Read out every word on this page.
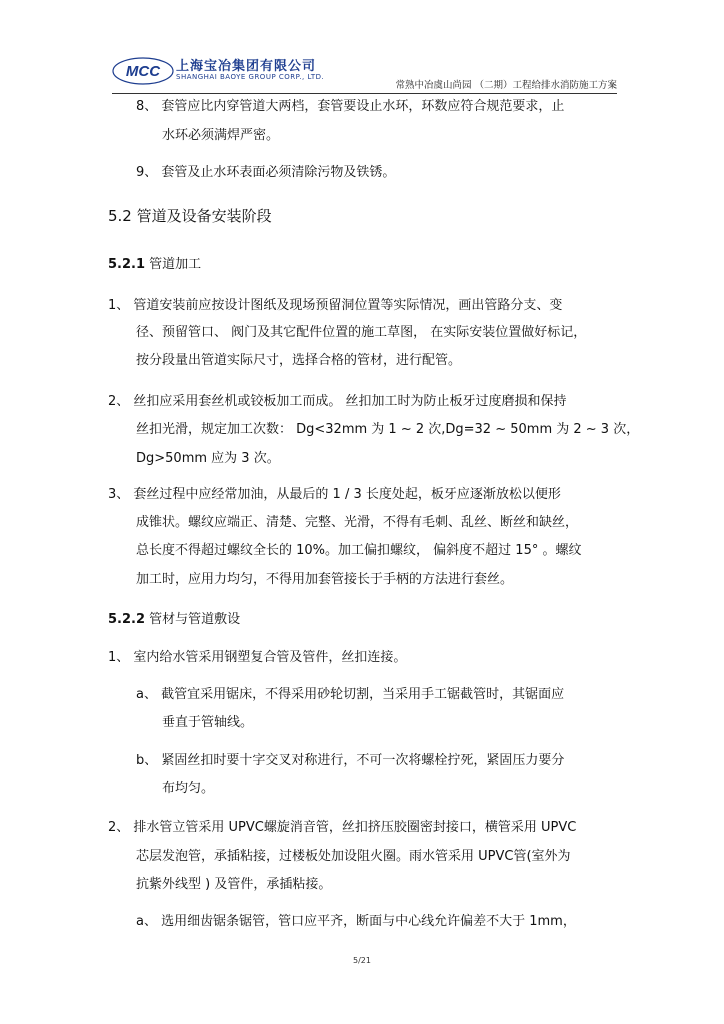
MCC 上海宝冶集团有限公司
SHANGHAI BAOYE GROUP CORP., LTD.
常熟中冶虞山尚园 （二期）工程给排水消防施工方案
8、 套管应比内穿管道大两档，套管要设止水环，环数应符合规范要求，止
水环必须满焊严密。
9、 套管及止水环表面必须清除污物及铁锈。
5.2 管道及设备安装阶段
5.2.1 管道加工
1、 管道安装前应按设计图纸及现场预留洞位置等实际情况，画出管路分支、变
径、预留管口、 阀门及其它配件位置的施工草图， 在实际安装位置做好标记，
按分段量出管道实际尺寸，选择合格的管材，进行配管。
2、 丝扣应采用套丝机或铰板加工而成。 丝扣加工时为防止板牙过度磨损和保持
丝扣光滑，规定加工次数： Dg<32mm 为 1 ~ 2 次,Dg=32 ~ 50mm 为 2 ~ 3 次，
Dg>50mm 应为 3 次。
3、 套丝过程中应经常加油，从最后的 1 / 3 长度处起，板牙应逐渐放松以便形
成锥状。螺纹应端正、清楚、完整、光滑，不得有毛刺、乱丝、断丝和缺丝，
总长度不得超过螺纹全长的 10%。加工偏扣螺纹， 偏斜度不超过 15° 。螺纹
加工时，应用力均匀，不得用加套管接长于手柄的方法进行套丝。
5.2.2 管材与管道敷设
1、 室内给水管采用钢塑复合管及管件，丝扣连接。
a、 截管宜采用锯床，不得采用砂轮切割，当采用手工锯截管时，其锯面应
垂直于管轴线。
b、 紧固丝扣时要十字交叉对称进行，不可一次将螺栓拧死，紧固压力要分
布均匀。
2、 排水管立管采用 UPVC螺旋消音管，丝扣挤压胶圈密封接口，横管采用 UPVC
芯层发泡管，承插粘接，过楼板处加设阻火圈。雨水管采用 UPVC管(室外为
抗紫外线型 ) 及管件，承插粘接。
a、 选用细齿锯条锯管，管口应平齐，断面与中心线允许偏差不大于 1mm，
5/21
